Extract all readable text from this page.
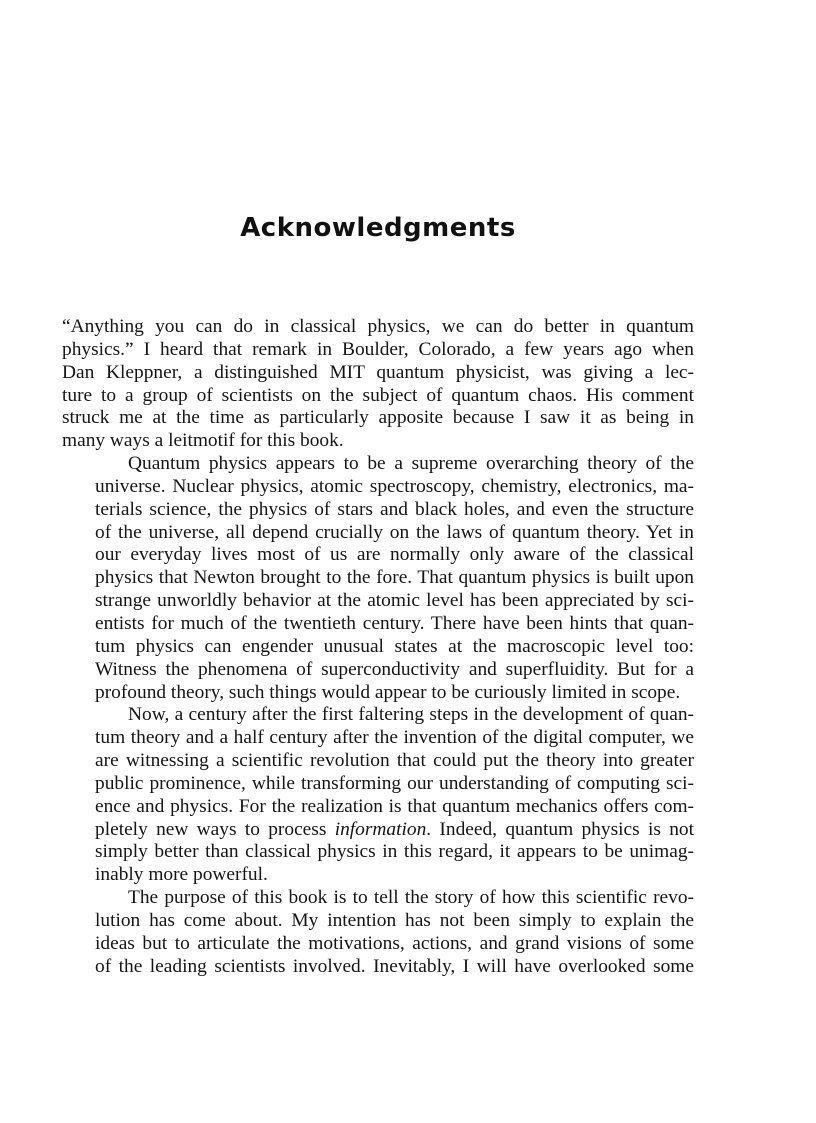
Acknowledgments

“Anything you can do in classical physics, we can do better in quantum
physics.” I heard that remark in Boulder, Colorado, a few years ago when
Dan Kleppner, a distinguished MIT quantum physicist, was giving a lec-
ture to a group of scientists on the subject of quantum chaos. His comment
struck me at the time as particularly apposite because I saw it as being in
many ways a leitmotif for this book.

Quantum physics appears to be a supreme overarching theory of the
universe. Nuclear physics, atomic spectroscopy, chemistry, electronics, ma-
terials science, the physics of stars and black holes, and even the structure
of the universe, all depend crucially on the laws of quantum theory. Yet in
our everyday lives most of us are normally only aware of the classical
physics that Newton brought to the fore. That quantum physics is built upon
strange unworldly behavior at the atomic level has been appreciated by sci-
entists for much of the twentieth century. There have been hints that quan-
tum physics can engender unusual states at the macroscopic level too:
Witness the phenomena of superconductivity and superfluidity. But for a
profound theory, such things would appear to be curiously limited in scope.

Now, a century after the first faltering steps in the development of quan-
tum theory and a half century after the invention of the digital computer, we
are witnessing a scientific revolution that could put the theory into greater
public prominence, while transforming our understanding of computing sci-
ence and physics. For the realization is that quantum mechanics offers com-
pletely new ways to process information. Indeed, quantum physics is not
simply better than classical physics in this regard, it appears to be unimag-
inably more powerful.

The purpose of this book is to tell the story of how this scientific revo-
lution has come about. My intention has not been simply to explain the
ideas but to articulate the motivations, actions, and grand visions of some
of the leading scientists involved. Inevitably, I will have overlooked some
